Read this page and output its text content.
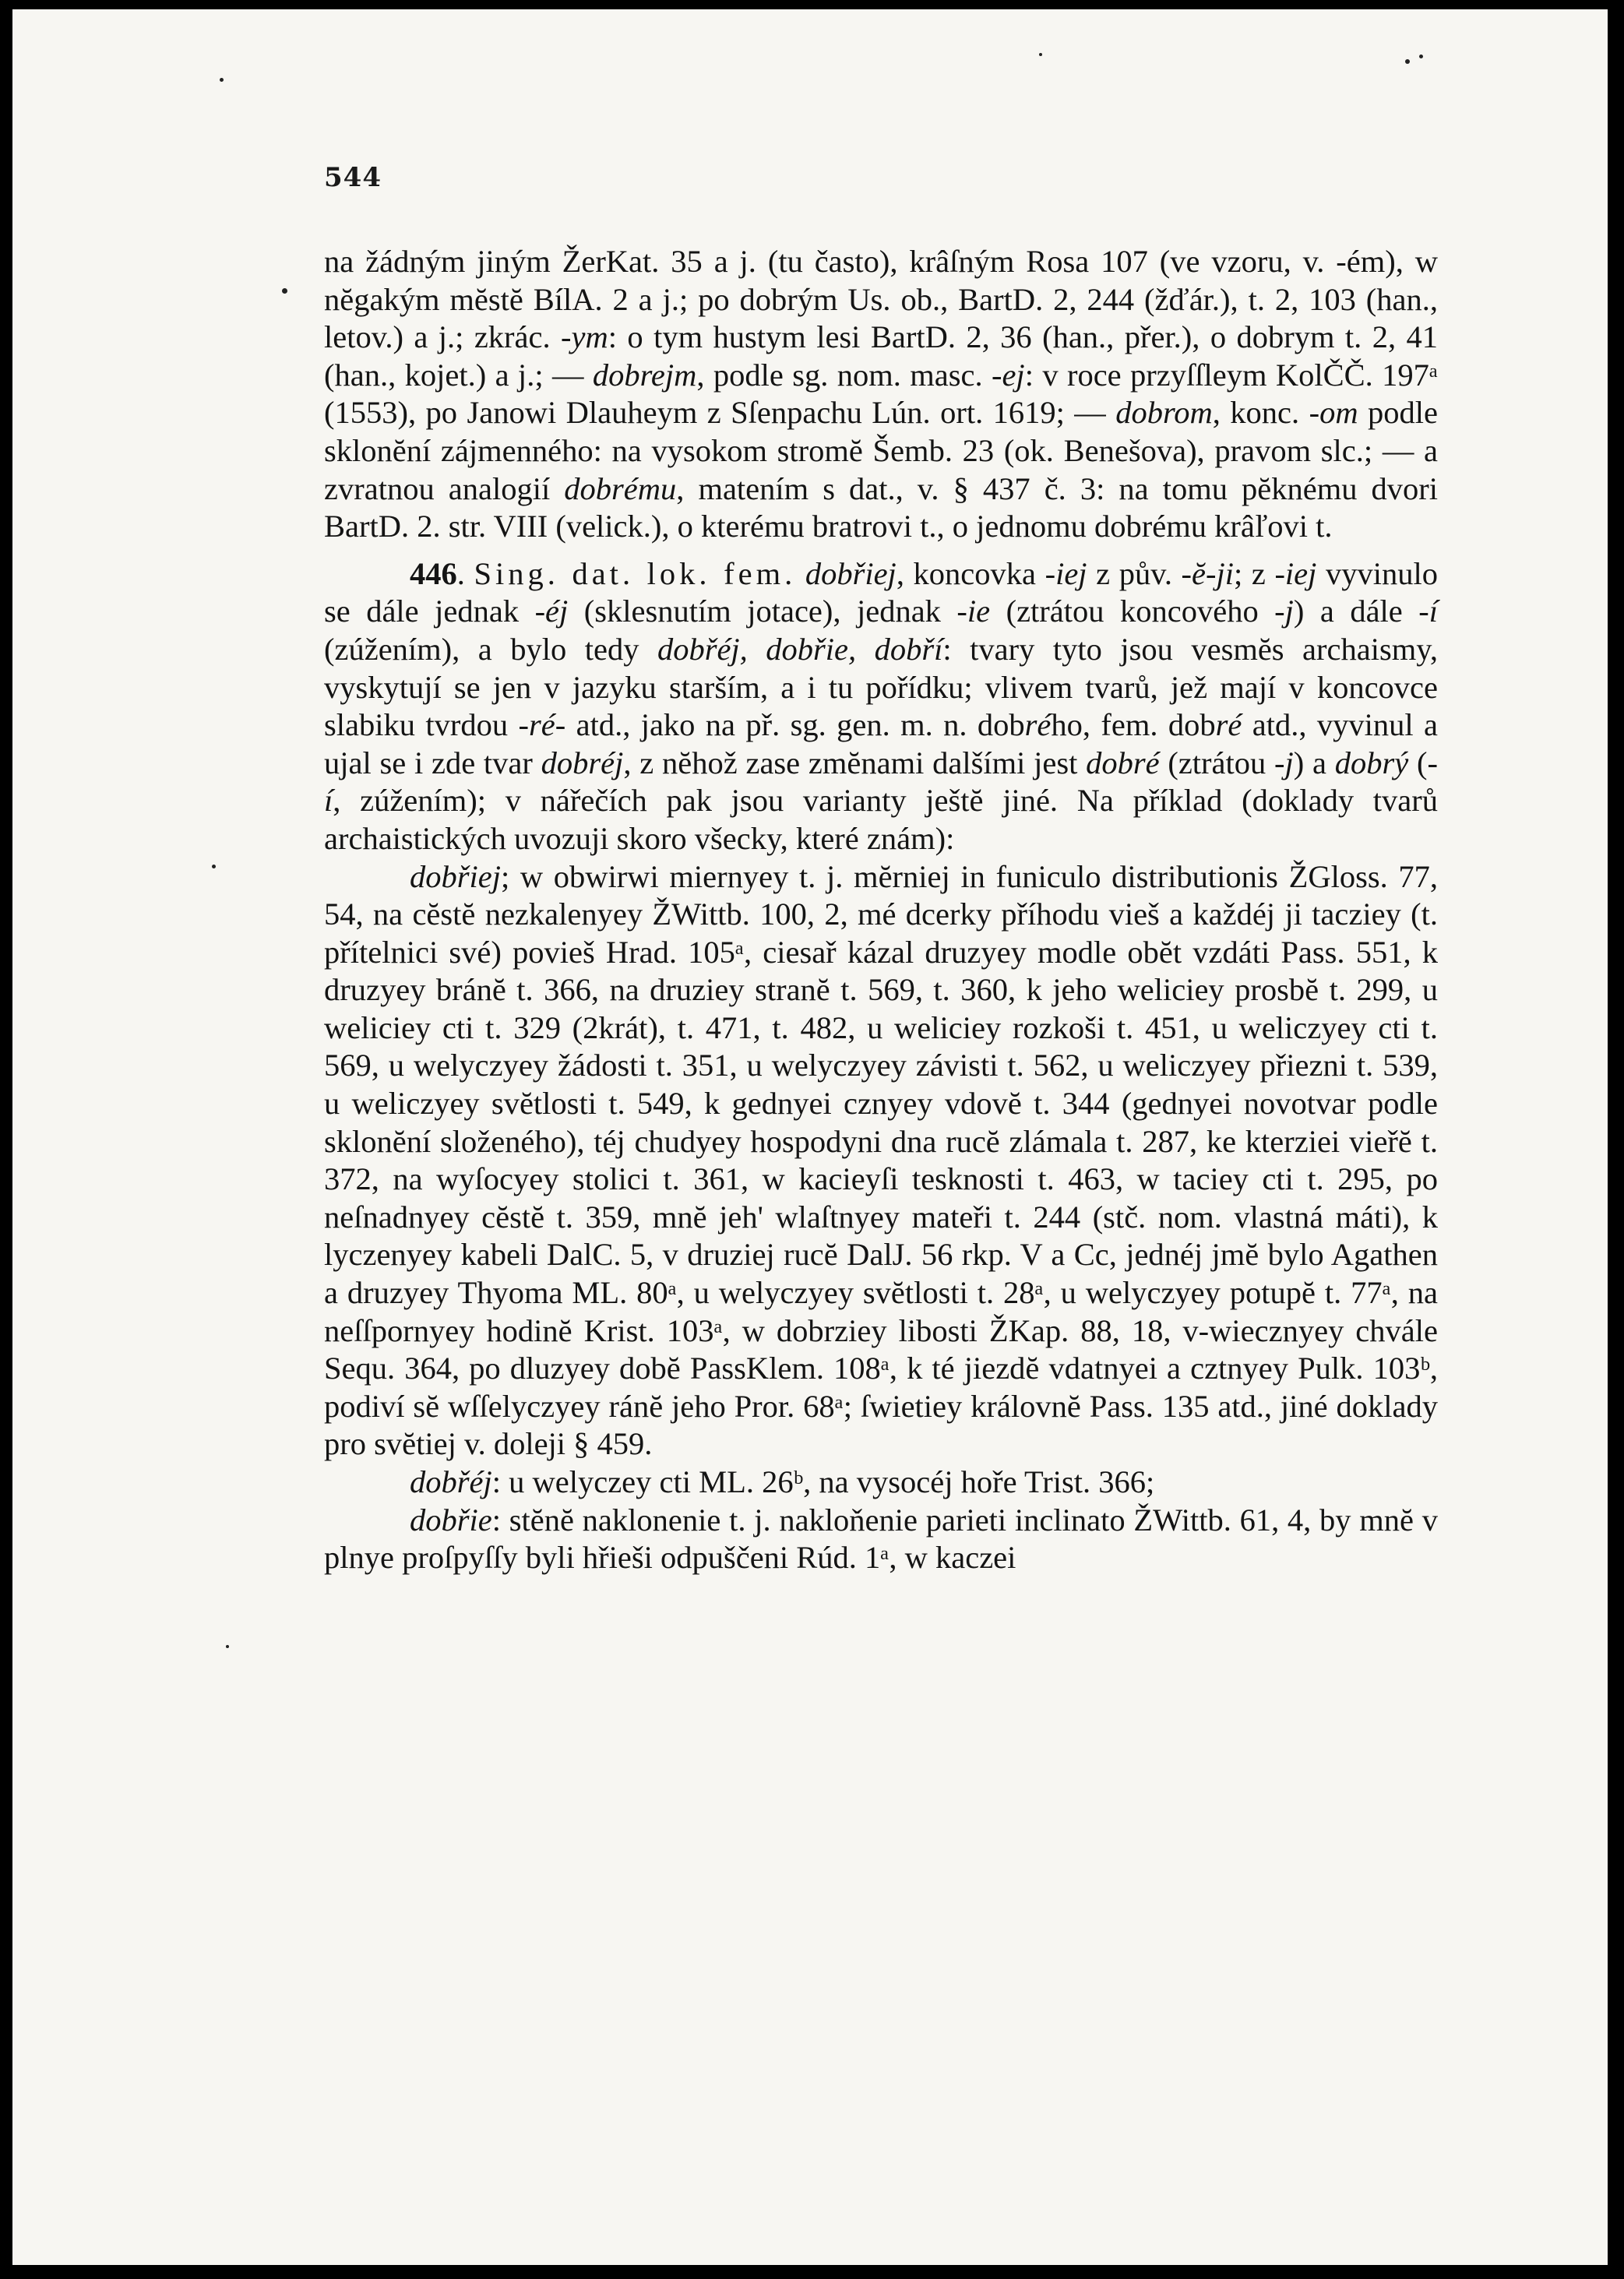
544

na žádným jiným ŽerKat. 35 a j. (tu často), krâſným Rosa 107 (ve vzoru, v. -ém), w nĕgakým mĕstĕ BílA. 2 a j.; po dobrým Us. ob., BartD. 2, 244 (žďár.), t. 2, 103 (han., letov.) a j.; zkrác. -ym: o tym hustym lesi BartD. 2, 36 (han., přer.), o dobrym t. 2, 41 (han., kojet.) a j.; — dobrejm, podle sg. nom. masc. -ej: v roce przyſſleym KolČČ. 197ᵃ (1553), po Janowi Dlauheym z Sſenpachu Lún. ort. 1619; — dobrom, konc. -om podle sklonĕní zájmenného: na vysokom stromĕ Šemb. 23 (ok. Benešova), pravom slc.; — a zvratnou analogií dobrému, matením s dat., v. § 437 č. 3: na tomu pĕknému dvori BartD. 2. str. VIII (velick.), o kterému bratrovi t., o jednomu dobrému krâľovi t.

446. Sing. dat. lok. fem. dobřiej, koncovka -iej z pův. -ĕ-ji; z -iej vyvinulo se dále jednak -éj (sklesnutím jotace), jednak -ie (ztrátou koncového -j) a dále -í (zúžením), a bylo tedy dobřéj, dobřie, dobří: tvary tyto jsou vesmĕs archaismy, vyskytují se jen v jazyku starším, a i tu pořídku; vlivem tvarů, jež mají v koncovce slabiku tvrdou -ré- atd., jako na př. sg. gen. m. n. dobrého, fem. dobré atd., vyvinul a ujal se i zde tvar dobréj, z nĕhož zase zmĕnami dalšími jest dobré (ztrátou -j) a dobrý (-í, zúžením); v nářečích pak jsou varianty ještĕ jiné. Na příklad (doklady tvarů archaistických uvozuji skoro všecky, které znám):

dobřiej; w obwirwi miernyey t. j. mĕrniej in funiculo distributionis ŽGloss. 77, 54, na cĕstĕ nezkalenyey ŽWittb. 100, 2, mé dcerky příhodu vieš a každéj ji tacziey (t. přítelnici své) povieš Hrad. 105ᵃ, ciesař kázal druzyey modle obĕt vzdáti Pass. 551, k druzyey bránĕ t. 366, na druziey stranĕ t. 569, t. 360, k jeho weliciey prosbĕ t. 299, u weliciey cti t. 329 (2krát), t. 471, t. 482, u weliciey rozkoši t. 451, u weliczyey cti t. 569, u welyczyey žádosti t. 351, u welyczyey závisti t. 562, u weliczyey přiezni t. 539, u weliczyey svĕtlosti t. 549, k gednyei cznyey vdovĕ t. 344 (gednyei novotvar podle sklonĕní složeného), téj chudyey hospodyni dna rucĕ zlámala t. 287, ke kterziei vieřĕ t. 372, na wyſocyey stolici t. 361, w kacieyſi tesknosti t. 463, w taciey cti t. 295, po neſnadnyey cĕstĕ t. 359, mnĕ jeh' wlaſtnyey mateři t. 244 (stč. nom. vlastná máti), k lyczenyey kabeli DalC. 5, v druziej rucĕ DalJ. 56 rkp. V a Cc, jednéj jmĕ bylo Agathen a druzyey Thyoma ML. 80ᵃ, u welyczyey svĕtlosti t. 28ᵃ, u welyczyey potupĕ t. 77ᵃ, na neſſpornyey hodinĕ Krist. 103ᵃ, w dobrziey libosti ŽKap. 88, 18, v-wiecznyey chvále Sequ. 364, po dluzyey dobĕ PassKlem. 108ᵃ, k té jiezdĕ vdatnyei a cztnyey Pulk. 103ᵇ, podiví sĕ wſſelyczyey ránĕ jeho Pror. 68ᵃ; ſwietiey královnĕ Pass. 135 atd., jiné doklady pro svĕtiej v. doleji § 459.

dobřéj: u welyczey cti ML. 26ᵇ, na vysocéj hoře Trist. 366;

dobřie: stĕnĕ naklonenie t. j. nakloňenie parieti inclinato ŽWittb. 61, 4, by mnĕ v plnye proſpyſſy byli hřieši odpuščeni Rúd. 1ᵃ, w kaczei
